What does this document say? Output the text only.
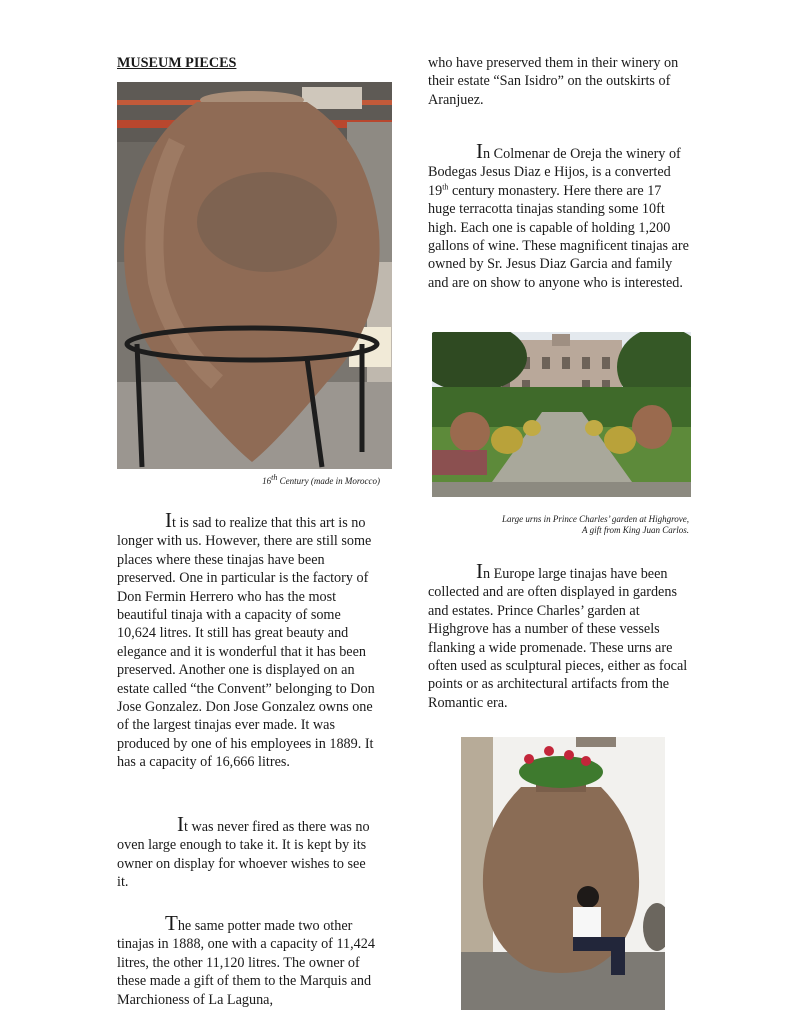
MUSEUM PIECES

16th Century (made in Morocco)

It is sad to realize that this art is no longer with us. However, there are still some places where these tinajas have been preserved. One in particular is the factory of Don Fermin Herrero who has the most beautiful tinaja with a capacity of some 10,624 litres. It still has great beauty and elegance and it is wonderful that it has been preserved. Another one is displayed on an estate called “the Convent” belonging to Don Jose Gonzalez. Don Jose Gonzalez owns one of the largest tinajas ever made. It was produced by one of his employees in 1889. It has a capacity of 16,666 litres.

It was never fired as there was no oven large enough to take it. It is kept by its owner on display for whoever wishes to see it.

The same potter made two other tinajas in 1888, one with a capacity of 11,424 litres, the other 11,120 litres. The owner of these made a gift of them to the Marquis and Marchioness of La Laguna,

who have preserved them in their winery on their estate “San Isidro” on the outskirts of Aranjuez.

In Colmenar de Oreja the winery of Bodegas Jesus Diaz e Hijos, is a converted 19th century monastery. Here there are 17 huge terracotta tinajas standing some 10ft high. Each one is capable of holding 1,200 gallons of wine. These magnificent tinajas are owned by Sr. Jesus Diaz Garcia and family and are on show to anyone who is interested.

Large urns in Prince Charles’ garden at Highgrove,
A gift from King Juan Carlos.

In Europe large tinajas have been collected and are often displayed in gardens and estates. Prince Charles’ garden at Highgrove has a number of these vessels flanking a wide promenade. These urns are often used as sculptural pieces, either as focal points or as architectural artifacts from the Romantic era.
